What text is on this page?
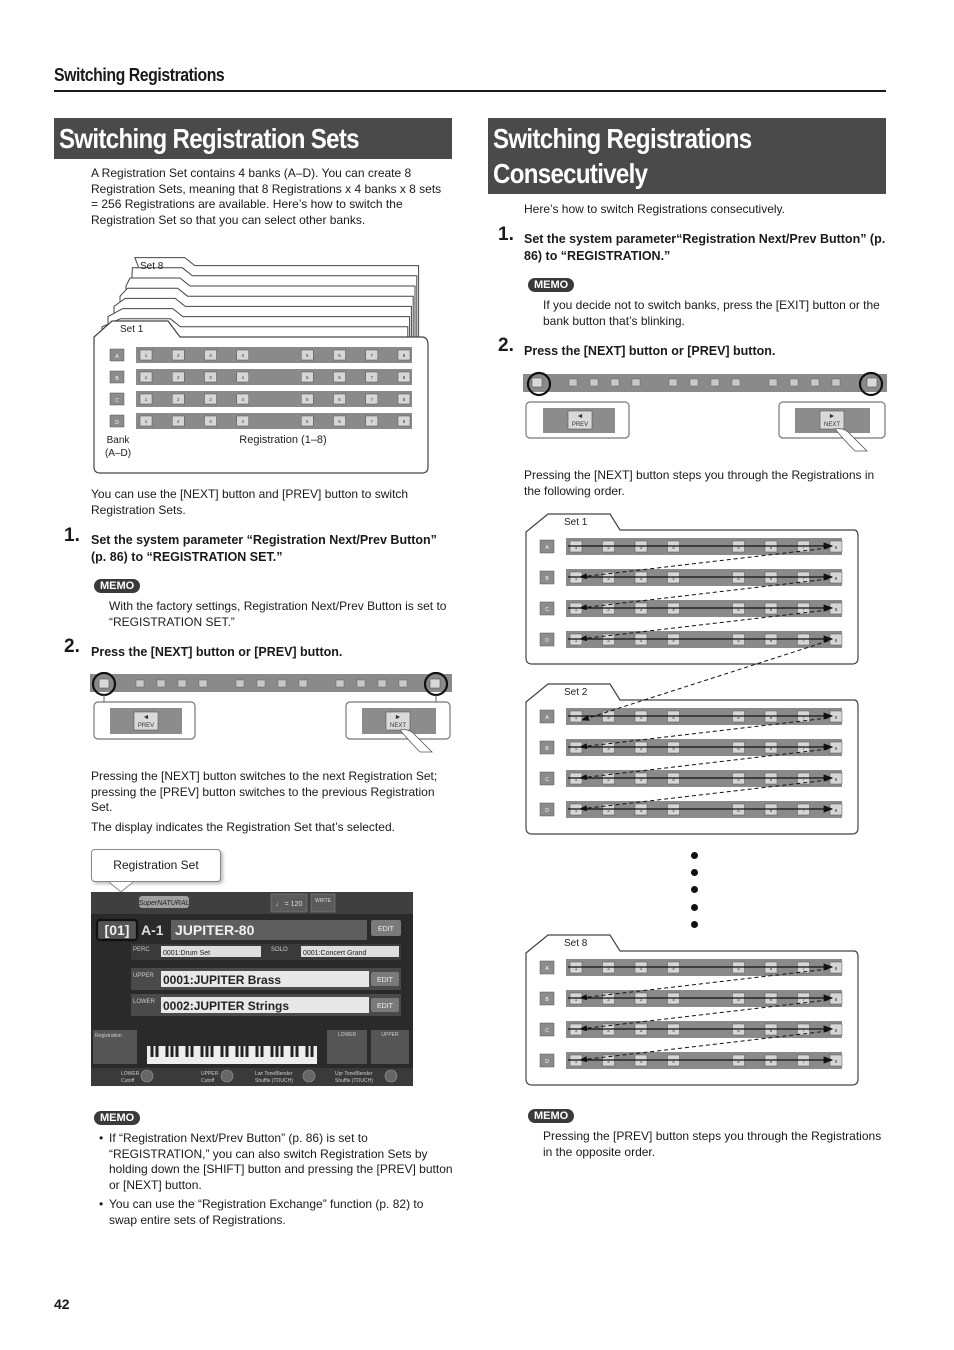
Switching Registrations
Switching Registration Sets
A Registration Set contains 4 banks (A–D). You can create 8 Registration Sets, meaning that 8 Registrations x 4 banks x 8 sets = 256 Registrations are available. Here’s how to switch the Registration Set so that you can select other banks.
Set 8
Set 1
A	1	2	3	4	5	6	7	8
B	1	2	3	4	5	6	7	8
C	1	2	3	4	5	6	7	8
D	1	2	3	4	5	6	7	8
Bank
(A–D)
Registration (1–8)
You can use the [NEXT] button and [PREV] button to switch Registration Sets.
1. Set the system parameter “Registration Next/Prev Button” (p. 86) to “REGISTRATION SET.”
MEMO
With the factory settings, Registration Next/Prev Button is set to “REGISTRATION SET.”
2. Press the [NEXT] button or [PREV] button.
PREV	NEXT
◄	►
Pressing the [NEXT] button switches to the next Registration Set; pressing the [PREV] button switches to the previous Registration Set.
The display indicates the Registration Set that’s selected.
Registration Set
SuperNATURAL	♩ = 120	WRITE
[01] A-1 JUPITER-80	EDIT
PERC 0001:Drum Set	SOLO 0001:Concert Grand
UPPER 0001:JUPITER Brass	EDIT
LOWER 0002:JUPITER Strings	EDIT
Registration	LOWER	UPPER
LOWER
Cutoff
UPPER
Cutoff
Lwr ToneBlender
Shuffle (TOUCH)
Upr ToneBlender
Shuffle (TOUCH)
MEMO
• If “Registration Next/Prev Button” (p. 86) is set to “REGISTRATION,” you can also switch Registration Sets by holding down the [SHIFT] button and pressing the [PREV] button or [NEXT] button.
• You can use the “Registration Exchange” function (p. 82) to swap entire sets of Registrations.
Switching Registrations
Consecutively
Here’s how to switch Registrations consecutively.
1. Set the system parameter“Registration Next/Prev Button” (p. 86) to “REGISTRATION.”
MEMO
If you decide not to switch banks, press the [EXIT] button or the bank button that’s blinking.
2. Press the [NEXT] button or [PREV] button.
◄	►
PREV	NEXT
Pressing the [NEXT] button steps you through the Registrations in the following order.
Set 1
A	1	2	3	4	5	6	7	8
B	1	2	3	4	5	6	7	8
C	1	2	3	4	5	6	7	8
D	1	2	3	4	5	6	7	8
Set 2
A	1	2	3	4	5	6	7	8
B	1	2	3	4	5	6	7	8
C	1	2	3	4	5	6	7	8
D	1	2	3	4	5	6	7	8
Set 8
A	1	2	3	4	5	6	7	8
B	1	2	3	4	5	6	7	8
C	1	2	3	4	5	6	7	8
D	1	2	3	4	5	6	7	8
MEMO
Pressing the [PREV] button steps you through the Registrations in the opposite order.
42
